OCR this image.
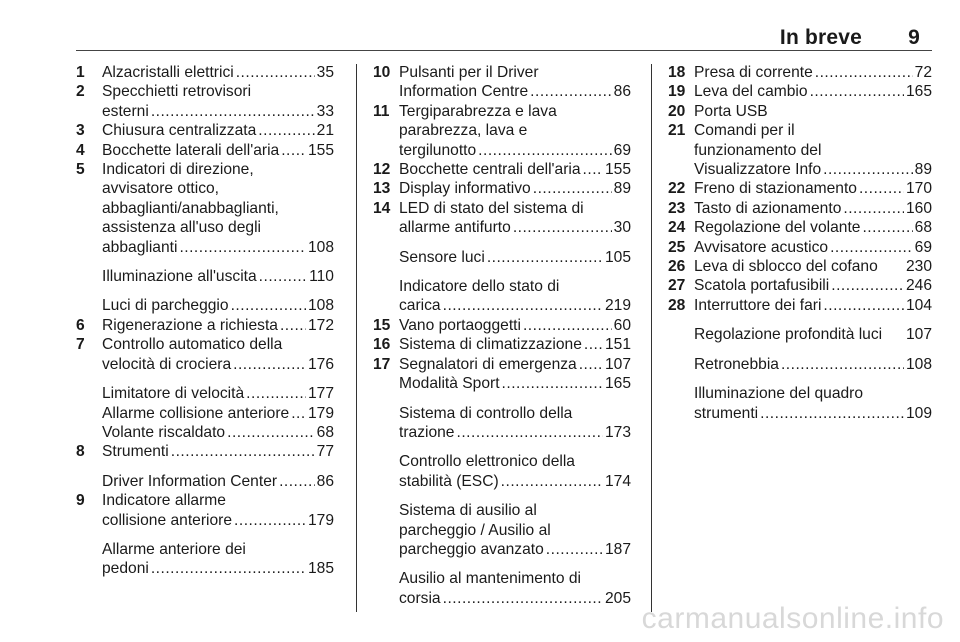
In breve 9
1 Alzacristalli elettrici .....	35
2 Specchietti retrovisori
esterni .....	33
3 Chiusura centralizzata .....	21
4 Bocchette laterali dell'aria ..... 155
5 Indicatori di direzione,
avvisatore ottico,
abbaglianti/anabbaglianti,
assistenza all'uso degli
abbaglianti .....	108
Illuminazione all'uscita .....	110
Luci di parcheggio .....	108
6 Rigenerazione a richiesta ..... 172
7 Controllo automatico della
velocità di crociera .....	176
Limitatore di velocità .....	177
Allarme collisione anteriore ..... 179
Volante riscaldato .....	68
8 Strumenti .....	77
Driver Information Center .....	86
9 Indicatore allarme
collisione anteriore .....	179
Allarme anteriore dei
pedoni .....	185
10 Pulsanti per il Driver
Information Centre .....	86
11 Tergiparabrezza e lava
parabrezza, lava e
tergilunotto .....	69
12 Bocchette centrali dell'aria ..... 155
13 Display informativo .....	89
14 LED di stato del sistema di
allarme antifurto .....	30
Sensore luci .....	105
Indicatore dello stato di
carica .....	219
15 Vano portaoggetti .....	60
16 Sistema di climatizzazione ..... 151
17 Segnalatori di emergenza ..... 107
Modalità Sport .....	165
Sistema di controllo della
trazione .....	173
Controllo elettronico della
stabilità (ESC) .....	174
Sistema di ausilio al
parcheggio / Ausilio al
parcheggio avanzato .....	187
Ausilio al mantenimento di
corsia .....	205
18 Presa di corrente .....	72
19 Leva del cambio .....	165
20 Porta USB
21 Comandi per il
funzionamento del
Visualizzatore Info .....	89
22 Freno di stazionamento .....	170
23 Tasto di azionamento .....	160
24 Regolazione del volante .....	68
25 Avvisatore acustico .....	69
26 Leva di sblocco del cofano 230
27 Scatola portafusibili .....	246
28 Interruttore dei fari .....	104
Regolazione profondità luci 107
Retronebbia .....	108
Illuminazione del quadro
strumenti .....	109
carmanualsonline.info
